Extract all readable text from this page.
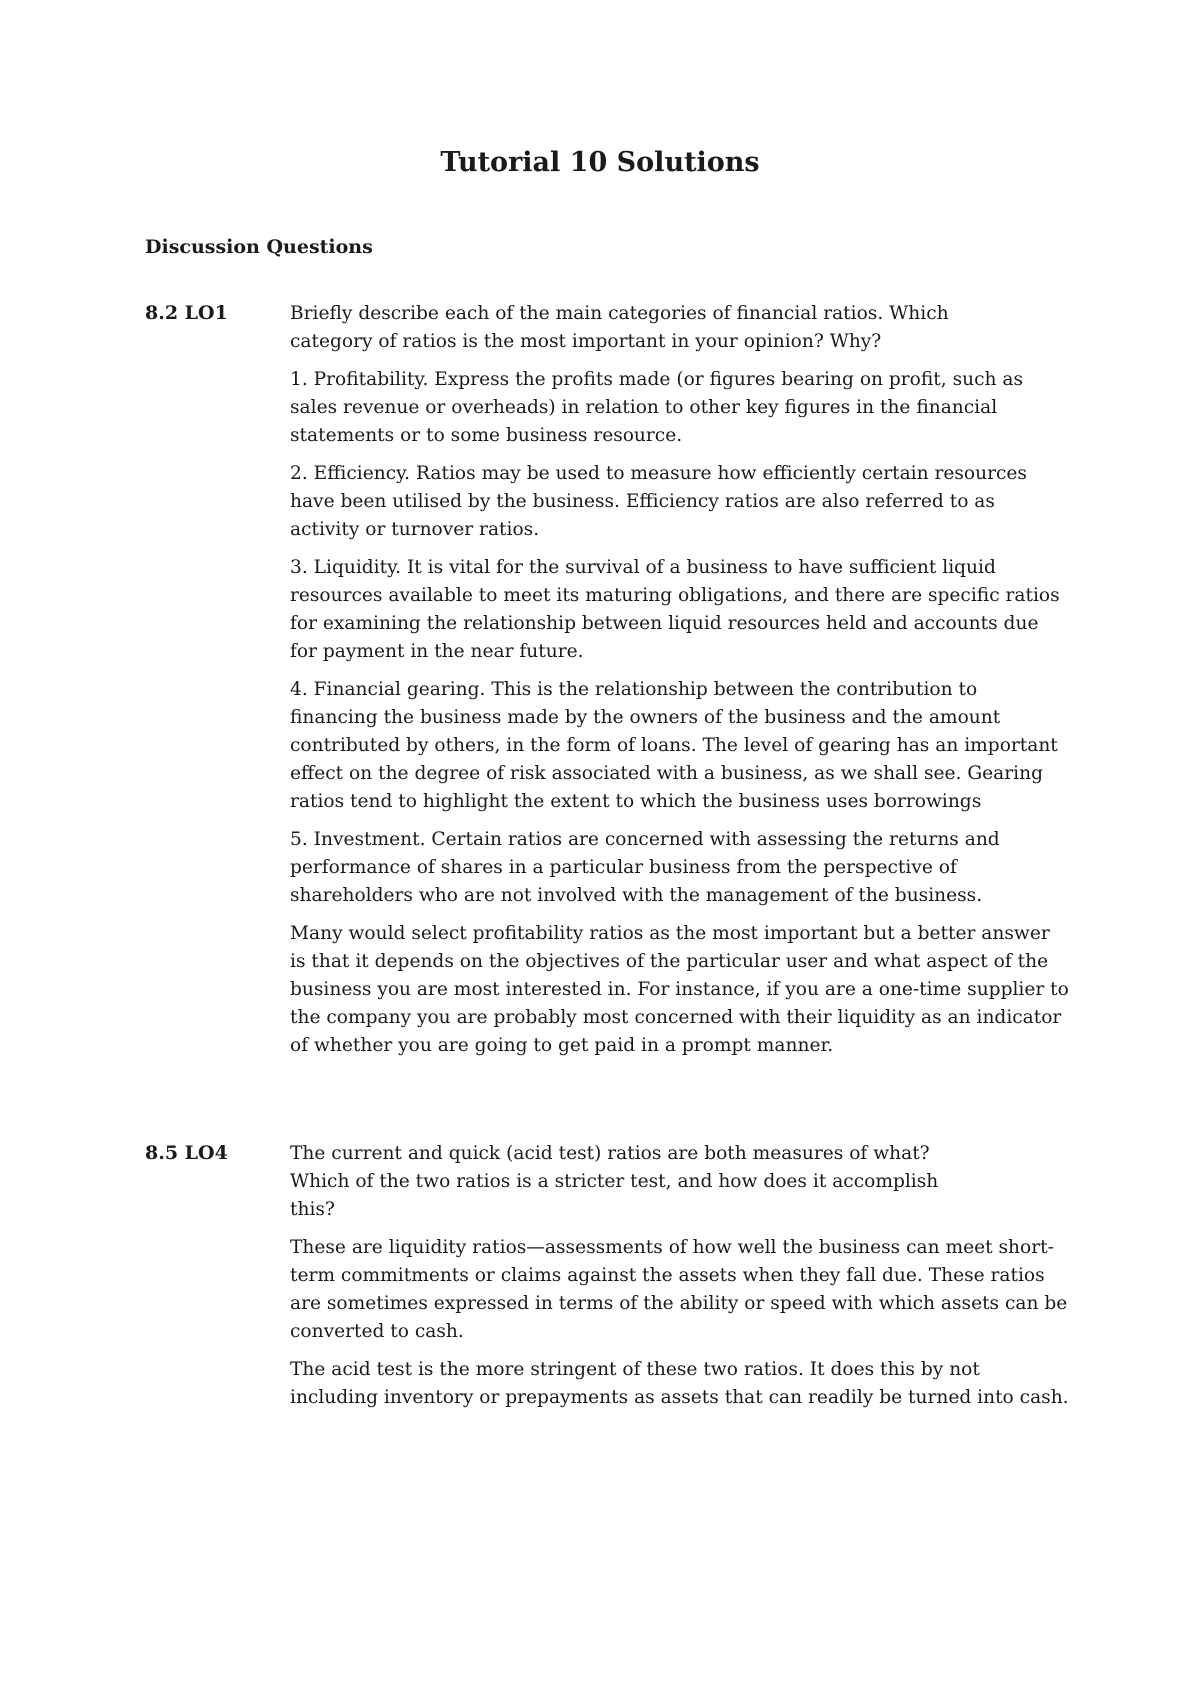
Tutorial 10 Solutions
Discussion Questions
8.2 LO1	Briefly describe each of the main categories of financial ratios. Which
category of ratios is the most important in your opinion? Why?

1. Profitability. Express the profits made (or figures bearing on profit, such as sales revenue or overheads) in relation to other key figures in the financial statements or to some business resource.

2. Efficiency. Ratios may be used to measure how efficiently certain resources have been utilised by the business. Efficiency ratios are also referred to as activity or turnover ratios.

3. Liquidity. It is vital for the survival of a business to have sufficient liquid resources available to meet its maturing obligations, and there are specific ratios for examining the relationship between liquid resources held and accounts due for payment in the near future.

4. Financial gearing. This is the relationship between the contribution to financing the business made by the owners of the business and the amount contributed by others, in the form of loans. The level of gearing has an important effect on the degree of risk associated with a business, as we shall see. Gearing ratios tend to highlight the extent to which the business uses borrowings

5. Investment. Certain ratios are concerned with assessing the returns and performance of shares in a particular business from the perspective of shareholders who are not involved with the management of the business.

Many would select profitability ratios as the most important but a better answer is that it depends on the objectives of the particular user and what aspect of the business you are most interested in. For instance, if you are a one-time supplier to the company you are probably most concerned with their liquidity as an indicator of whether you are going to get paid in a prompt manner.

8.5 LO4	The current and quick (acid test) ratios are both measures of what?
Which of the two ratios is a stricter test, and how does it accomplish
this?

These are liquidity ratios—assessments of how well the business can meet short-term commitments or claims against the assets when they fall due. These ratios are sometimes expressed in terms of the ability or speed with which assets can be converted to cash.

The acid test is the more stringent of these two ratios. It does this by not including inventory or prepayments as assets that can readily be turned into cash.
